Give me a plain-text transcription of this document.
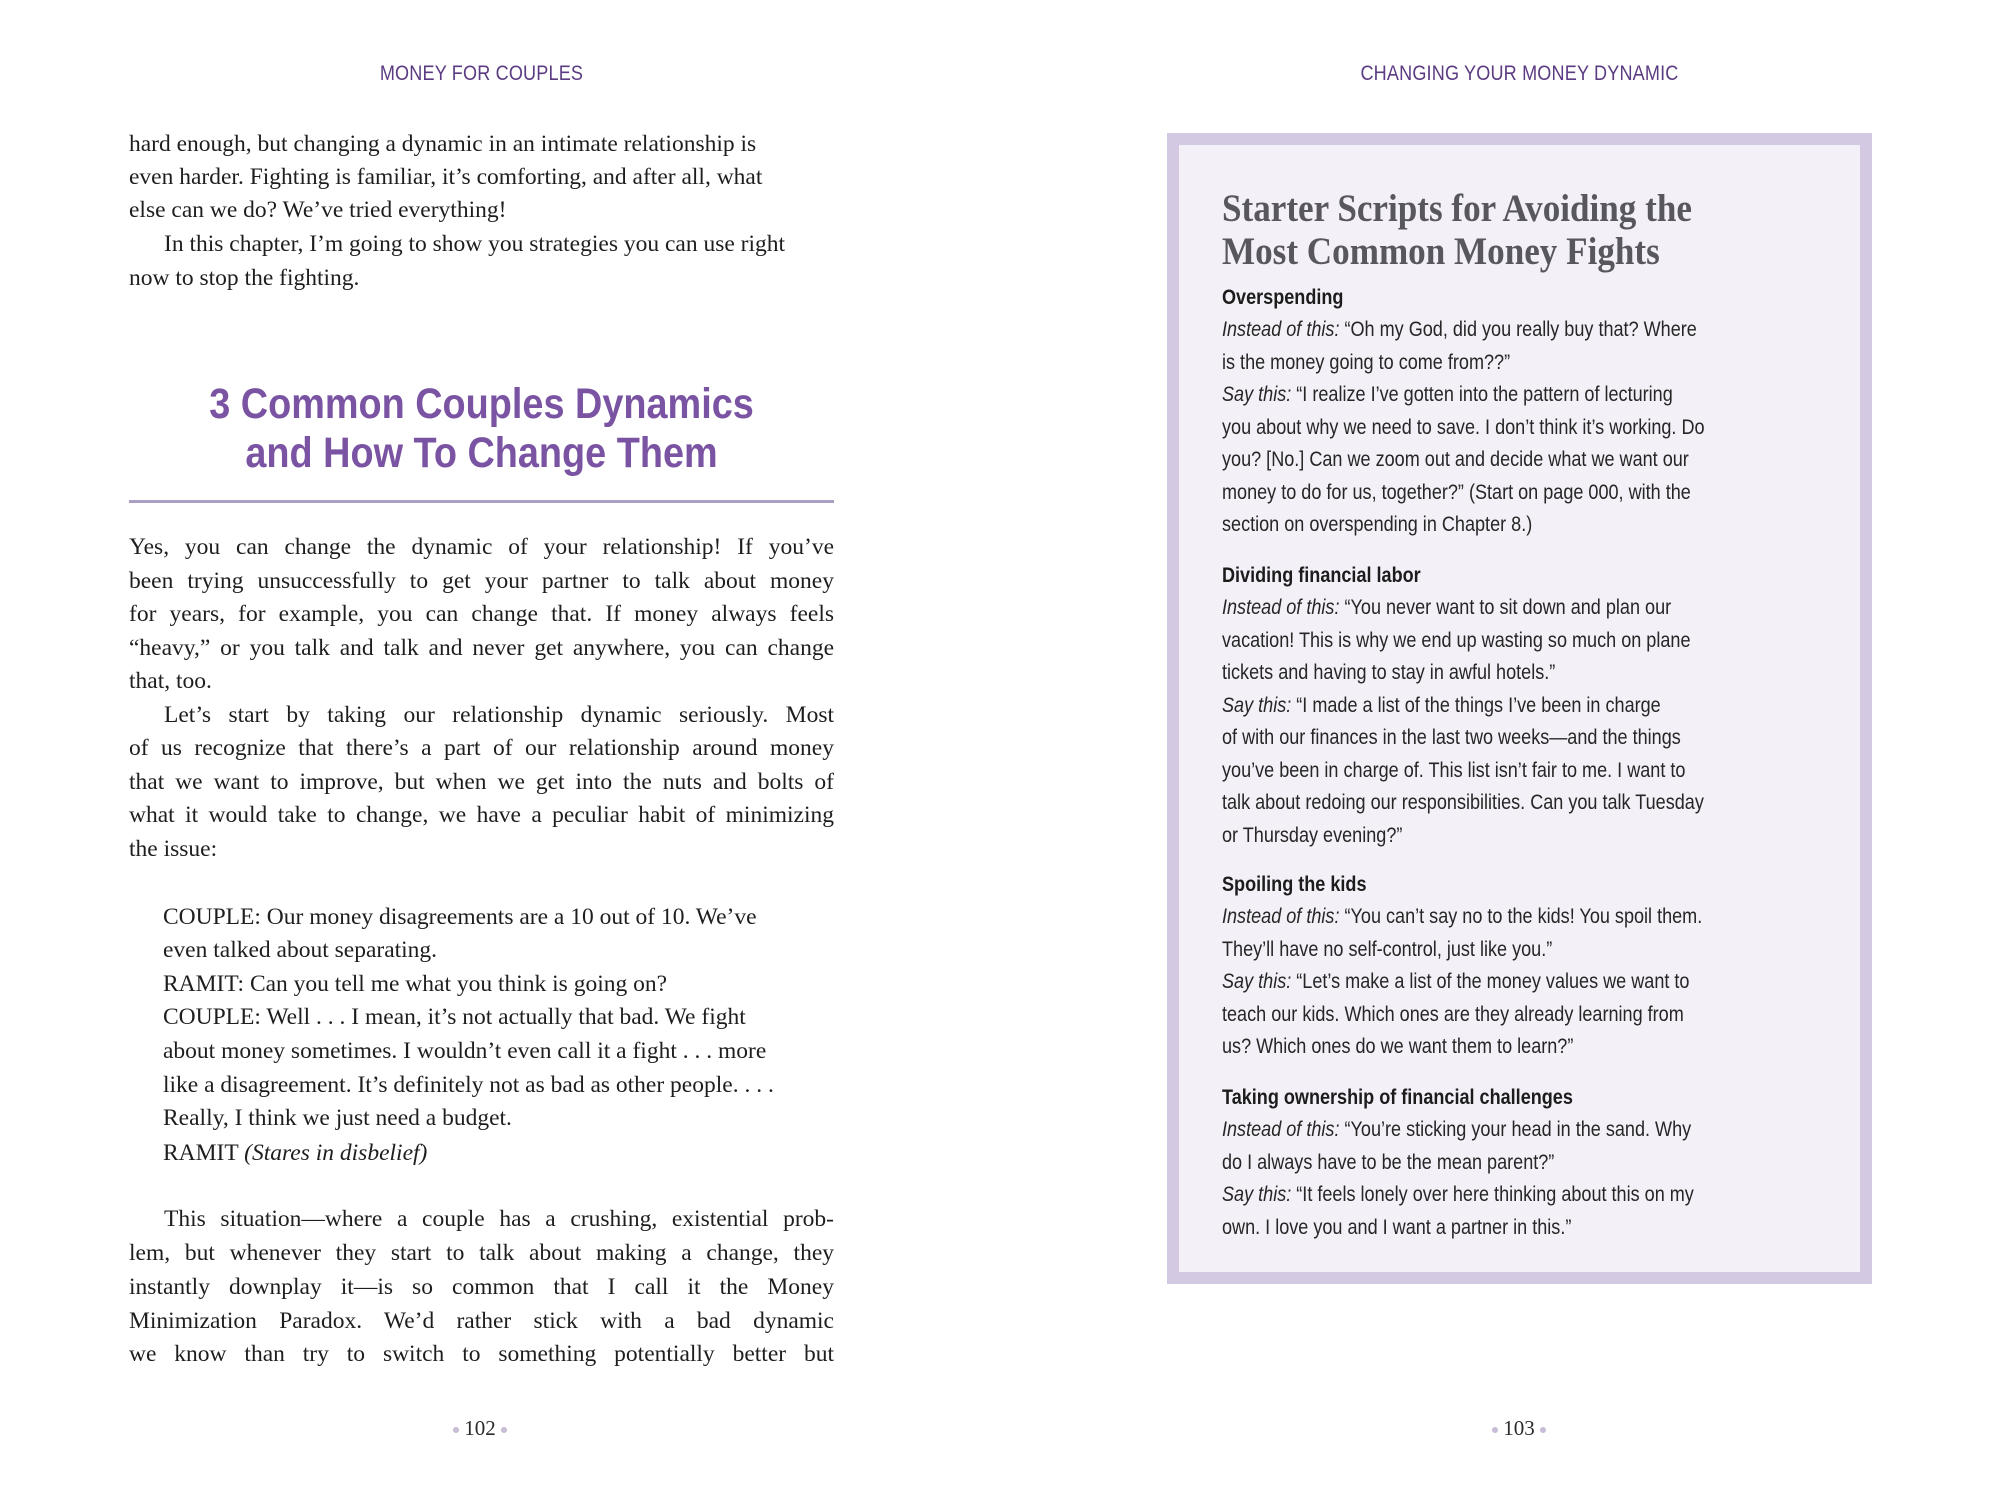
MONEY FOR COUPLES
hard enough, but changing a dynamic in an intimate relationship is
even harder. Fighting is familiar, it’s comforting, and after all, what
else can we do? We’ve tried everything!
In this chapter, I’m going to show you strategies you can use right
now to stop the fighting.
3 Common Couples Dynamics
and How To Change Them
Yes, you can change the dynamic of your relationship! If you’ve
been trying unsuccessfully to get your partner to talk about money
for years, for example, you can change that. If money always feels
“heavy,” or you talk and talk and never get anywhere, you can change
that, too.
Let’s start by taking our relationship dynamic seriously. Most
of us recognize that there’s a part of our relationship around money
that we want to improve, but when we get into the nuts and bolts of
what it would take to change, we have a peculiar habit of minimizing
the issue:
COUPLE: Our money disagreements are a 10 out of 10. We’ve
even talked about separating.
RAMIT: Can you tell me what you think is going on?
COUPLE: Well . . . I mean, it’s not actually that bad. We fight
about money sometimes. I wouldn’t even call it a fight . . . more
like a disagreement. It’s definitely not as bad as other people. . . .
Really, I think we just need a budget.
RAMIT (Stares in disbelief)
This situation—where a couple has a crushing, existential prob-
lem, but whenever they start to talk about making a change, they
instantly downplay it—is so common that I call it the Money
Minimization Paradox. We’d rather stick with a bad dynamic
we know than try to switch to something potentially better but
102
CHANGING YOUR MONEY DYNAMIC
Starter Scripts for Avoiding the
Most Common Money Fights
Overspending
Instead of this: “Oh my God, did you really buy that? Where
is the money going to come from??”
Say this: “I realize I’ve gotten into the pattern of lecturing
you about why we need to save. I don’t think it’s working. Do
you? [No.] Can we zoom out and decide what we want our
money to do for us, together?” (Start on page 000, with the
section on overspending in Chapter 8.)
Dividing financial labor
Instead of this: “You never want to sit down and plan our
vacation! This is why we end up wasting so much on plane
tickets and having to stay in awful hotels.”
Say this: “I made a list of the things I’ve been in charge
of with our finances in the last two weeks—and the things
you’ve been in charge of. This list isn’t fair to me. I want to
talk about redoing our responsibilities. Can you talk Tuesday
or Thursday evening?”
Spoiling the kids
Instead of this: “You can’t say no to the kids! You spoil them.
They’ll have no self-control, just like you.”
Say this: “Let’s make a list of the money values we want to
teach our kids. Which ones are they already learning from
us? Which ones do we want them to learn?”
Taking ownership of financial challenges
Instead of this: “You’re sticking your head in the sand. Why
do I always have to be the mean parent?”
Say this: “It feels lonely over here thinking about this on my
own. I love you and I want a partner in this.”
103
